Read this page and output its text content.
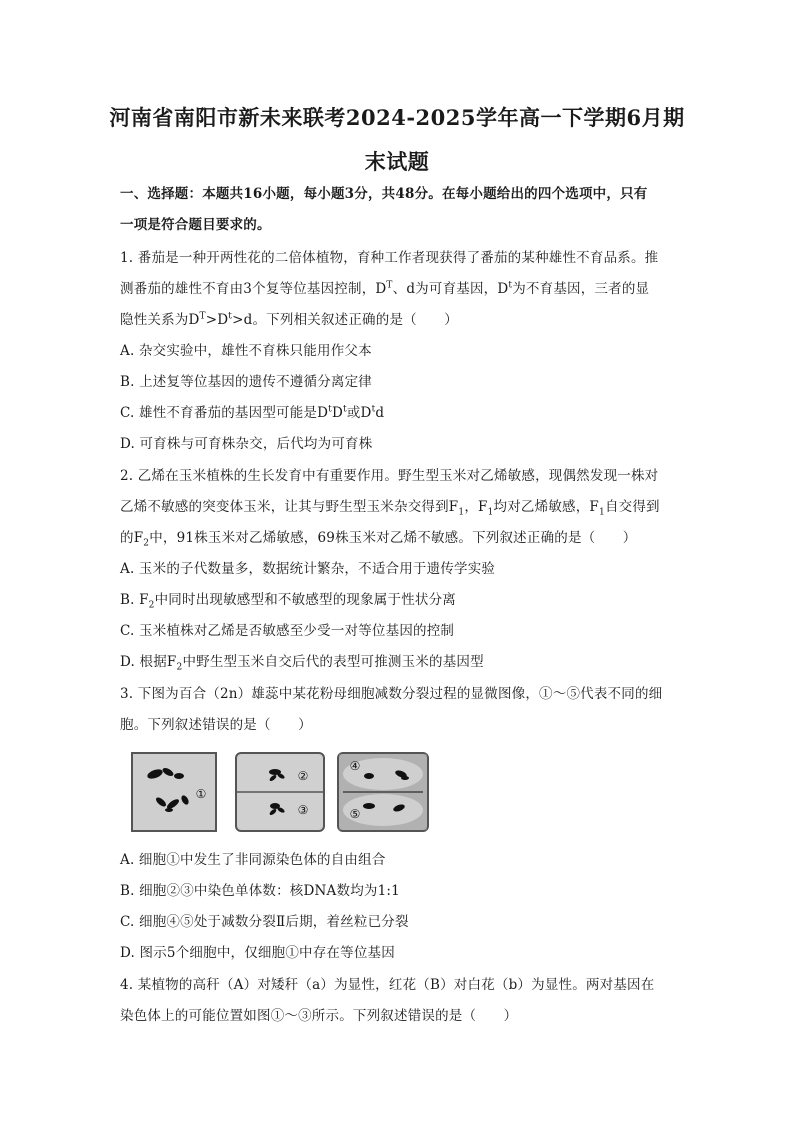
河南省南阳市新未来联考2024-2025学年高一下学期6月期
末试题
一、选择题：本题共16小题，每小题3分，共48分。在每小题给出的四个选项中，只有
一项是符合题目要求的。
1. 番茄是一种开两性花的二倍体植物，育种工作者现获得了番茄的某种雄性不育品系。推
测番茄的雄性不育由3个复等位基因控制，$D^T$、d为可育基因，$D^t$为不育基因，三者的显
隐性关系为$D^T>D^t>d$。下列相关叙述正确的是（　　）
A. 杂交实验中，雄性不育株只能用作父本
B. 上述复等位基因的遗传不遵循分离定律
C. 雄性不育番茄的基因型可能是$D^tD^t$或$D^td$
D. 可育株与可育株杂交，后代均为可育株
2. 乙烯在玉米植株的生长发育中有重要作用。野生型玉米对乙烯敏感，现偶然发现一株对
乙烯不敏感的突变体玉米，让其与野生型玉米杂交得到$F_1$，$F_1$均对乙烯敏感，$F_1$自交得到
的$F_2$中，91株玉米对乙烯敏感，69株玉米对乙烯不敏感。下列叙述正确的是（　　）
A. 玉米的子代数量多，数据统计繁杂，不适合用于遗传学实验
B. $F_2$中同时出现敏感型和不敏感型的现象属于性状分离
C. 玉米植株对乙烯是否敏感至少受一对等位基因的控制
D. 根据$F_2$中野生型玉米自交后代的表型可推测玉米的基因型
3. 下图为百合（2n）雄蕊中某花粉母细胞减数分裂过程的显微图像，①～⑤代表不同的细
胞。下列叙述错误的是（　　）
①
②
③
④
⑤
A. 细胞①中发生了非同源染色体的自由组合
B. 细胞②③中染色单体数：核DNA数均为1:1
C. 细胞④⑤处于减数分裂Ⅱ后期，着丝粒已分裂
D. 图示5个细胞中，仅细胞①中存在等位基因
4. 某植物的高秆（A）对矮秆（a）为显性，红花（B）对白花（b）为显性。两对基因在
染色体上的可能位置如图①～③所示。下列叙述错误的是（　　）
